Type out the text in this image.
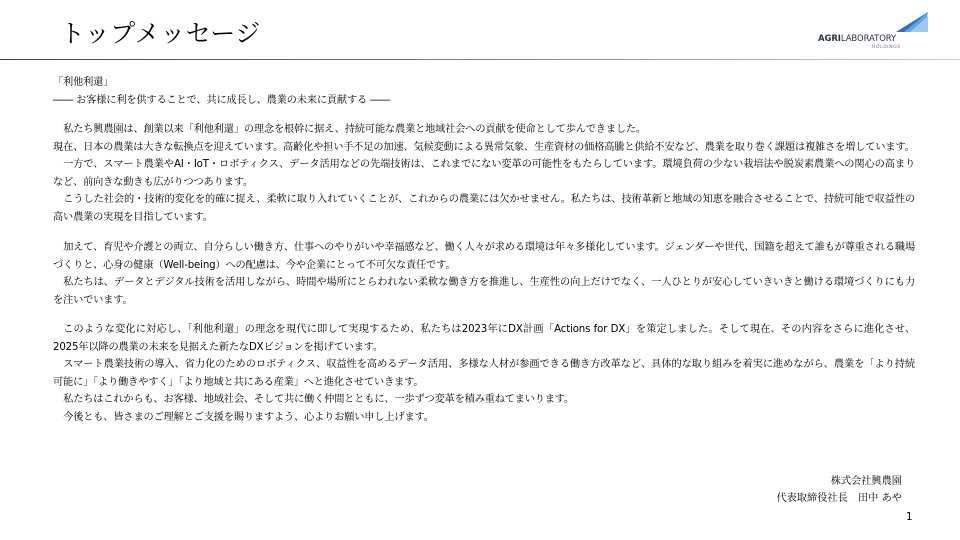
トップメッセージ	AGRILABORATORY
HOLDINGS

「利他利還」

―― お客様に利を供することで、共に成長し、農業の未来に貢献する ――

私たち興農園は、創業以来「利他利還」の理念を根幹に据え、持続可能な農業と地域社会への貢献を使命として歩んできました。

現在、日本の農業は大きな転換点を迎えています。高齢化や担い手不足の加速、気候変動による異常気象、生産資材の価格高騰と供給不安など、農業を取り巻く課題は複雑さを増しています。

一方で、スマート農業やAI・IoT・ロボティクス、データ活用などの先端技術は、これまでにない変革の可能性をもたらしています。環境負荷の少ない栽培法や脱炭素農業への関心の高まりなど、前向きな動きも広がりつつあります。

こうした社会的・技術的変化を的確に捉え、柔軟に取り入れていくことが、これからの農業には欠かせません。私たちは、技術革新と地域の知恵を融合させることで、持続可能で収益性の高い農業の実現を目指しています。

加えて、育児や介護との両立、自分らしい働き方、仕事へのやりがいや幸福感など、働く人々が求める環境は年々多様化しています。ジェンダーや世代、国籍を超えて誰もが尊重される職場づくりと、心身の健康（Well-being）への配慮は、今や企業にとって不可欠な責任です。

私たちは、データとデジタル技術を活用しながら、時間や場所にとらわれない柔軟な働き方を推進し、生産性の向上だけでなく、一人ひとりが安心していきいきと働ける環境づくりにも力を注いでいます。

このような変化に対応し、「利他利還」の理念を現代に即して実現するため、私たちは2023年にDX計画「Actions for DX」を策定しました。そして現在、その内容をさらに進化させ、2025年以降の農業の未来を見据えた新たなDXビジョンを掲げています。

スマート農業技術の導入、省力化のためのロボティクス、収益性を高めるデータ活用、多様な人材が参画できる働き方改革など、具体的な取り組みを着実に進めながら、農業を「より持続可能に」「より働きやすく」「より地域と共にある産業」へと進化させていきます。

私たちはこれからも、お客様、地域社会、そして共に働く仲間とともに、一歩ずつ変革を積み重ねてまいります。

今後とも、皆さまのご理解とご支援を賜りますよう、心よりお願い申し上げます。

株式会社興農園
代表取締役社長　田中 あや
1
